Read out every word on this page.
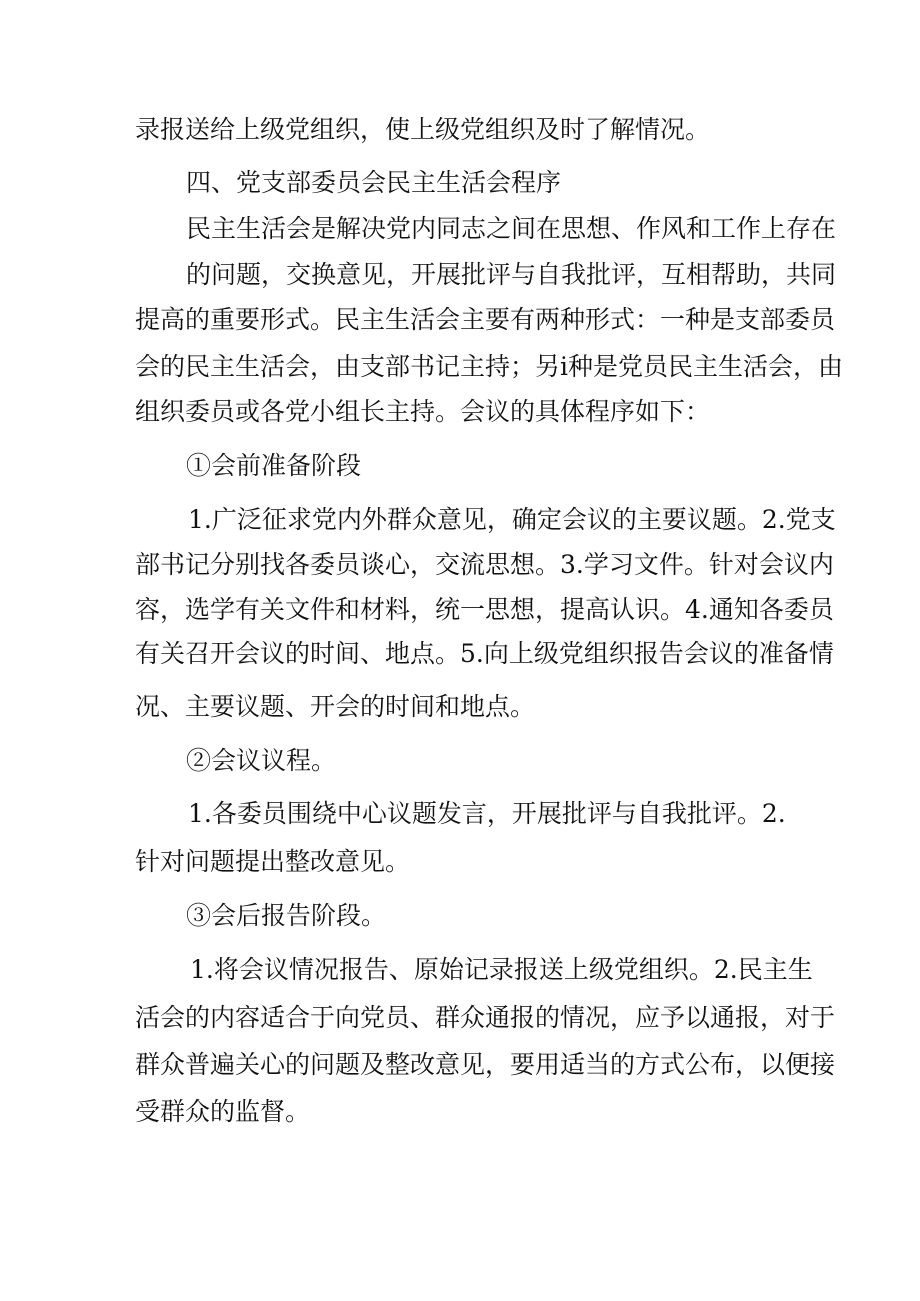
录报送给上级党组织，使上级党组织及时了解情况。

四、党支部委员会民主生活会程序

民主生活会是解决党内同志之间在思想、作风和工作上存在

的问题，交换意见，开展批评与自我批评，互相帮助，共同

提高的重要形式。民主生活会主要有两种形式：一种是支部委员

会的民主生活会，由支部书记主持；另i种是党员民主生活会，由

组织委员或各党小组长主持。会议的具体程序如下：

①会前准备阶段

1.广泛征求党内外群众意见，确定会议的主要议题。2.党支

部书记分别找各委员谈心，交流思想。3.学习文件。针对会议内

容，选学有关文件和材料，统一思想，提高认识。4.通知各委员

有关召开会议的时间、地点。5.向上级党组织报告会议的准备情

况、主要议题、开会的时间和地点。

②会议议程。

1.各委员围绕中心议题发言，开展批评与自我批评。2.

针对问题提出整改意见。

③会后报告阶段。

1.将会议情况报告、原始记录报送上级党组织。2.民主生

活会的内容适合于向党员、群众通报的情况，应予以通报，对于

群众普遍关心的问题及整改意见，要用适当的方式公布，以便接

受群众的监督。
